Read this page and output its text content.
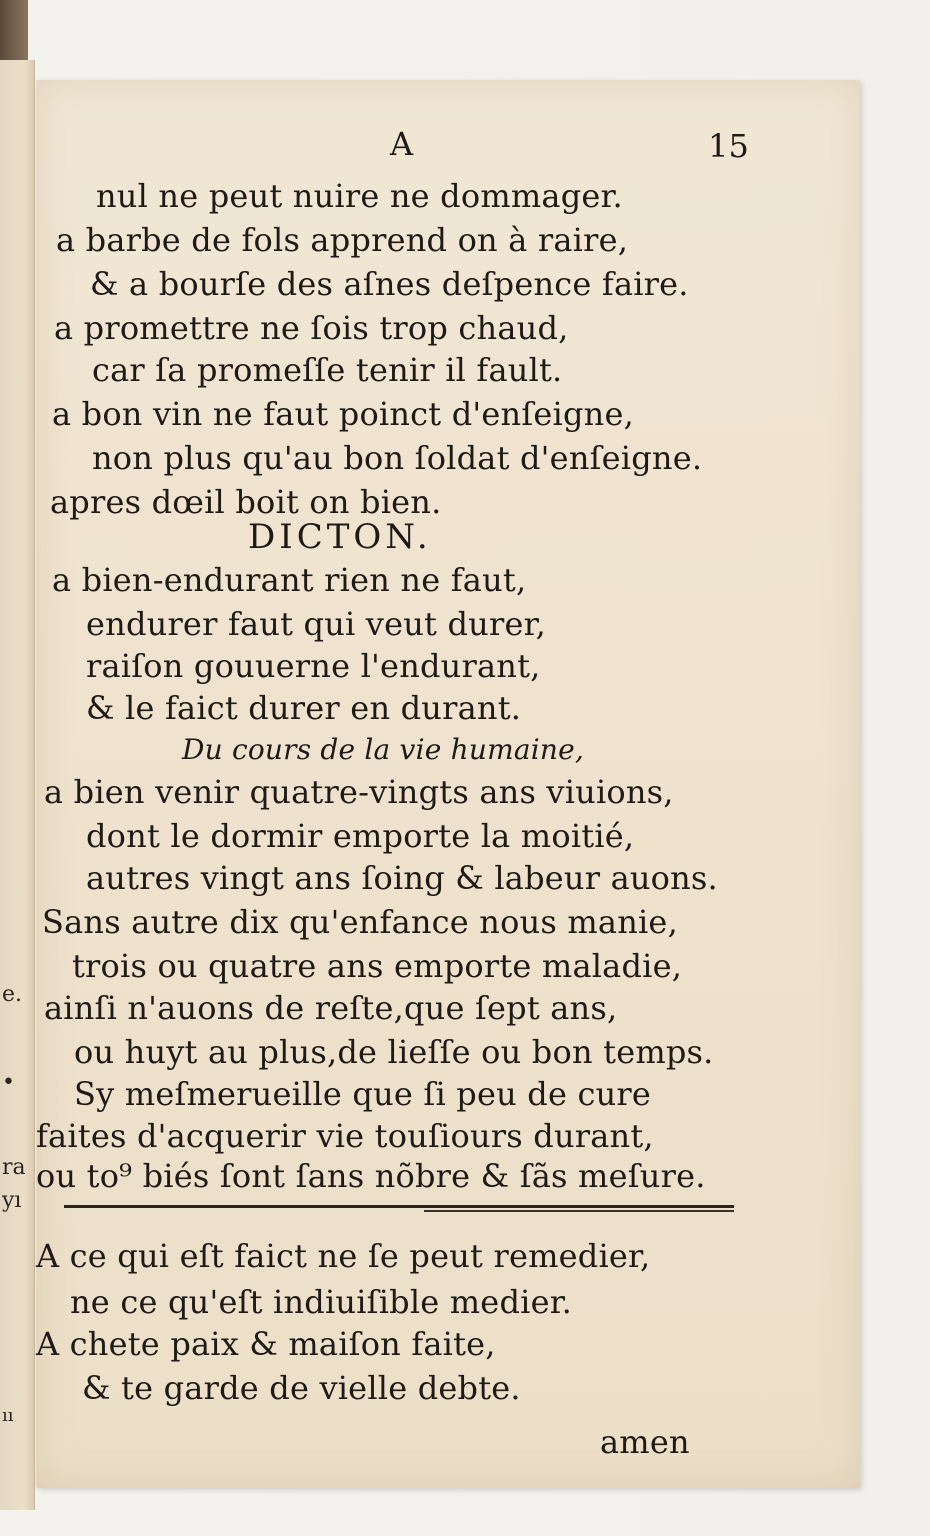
e.
•
ra
yı
ıı
A	15
nul ne peut nuire ne dommager.
a barbe de fols apprend on à raire,
& a bourſe des aſnes deſpence faire.
a promettre ne ſois trop chaud,
car ſa promeſſe tenir il fault.
a bon vin ne faut poinct d'enſeigne,
non plus qu'au bon ſoldat d'enſeigne.
apres dœil boit on bien.
DICTON.
a bien-endurant rien ne faut,
endurer faut qui veut durer,
raiſon gouuerne l'endurant,
& le faict durer en durant.
Du cours de la vie humaine,
a bien venir quatre-vingts ans viuions,
dont le dormir emporte la moitié,
autres vingt ans ſoing & labeur auons.
Sans autre dix qu'enfance nous manie,
trois ou quatre ans emporte maladie,
ainſi n'auons de reſte,que ſept ans,
ou huyt au plus,de lieſſe ou bon temps.
Sy meſmerueille que ſi peu de cure
faites d'acquerir vie touſiours durant,
ou to⁹ biés ſont ſans nõbre & ſãs meſure.
A ce qui eſt faict ne ſe peut remedier,
ne ce qu'eſt indiuiſible medier.
A chete paix & maiſon faite,
& te garde de vielle debte.
amen
